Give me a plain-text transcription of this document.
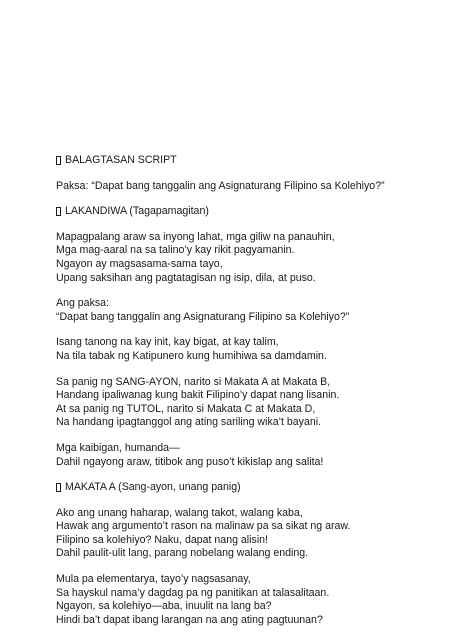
BALAGTASAN SCRIPT
Paksa: “Dapat bang tanggalin ang Asignaturang Filipino sa Kolehiyo?”
LAKANDIWA (Tagapamagitan)
Mapagpalang araw sa inyong lahat, mga giliw na panauhin,
Mga mag-aaral na sa talino’y kay rikit pagyamanin.
Ngayon ay magsasama-sama tayo,
Upang saksihan ang pagtatagisan ng isip, dila, at puso.
Ang paksa:
“Dapat bang tanggalin ang Asignaturang Filipino sa Kolehiyo?”
Isang tanong na kay init, kay bigat, at kay talim,
Na tila tabak ng Katipunero kung humihiwa sa damdamin.
Sa panig ng SANG-AYON, narito si Makata A at Makata B,
Handang ipaliwanag kung bakit Filipino’y dapat nang lisanin.
At sa panig ng TUTOL, narito si Makata C at Makata D,
Na handang ipagtanggol ang ating sariling wika’t bayani.
Mga kaibigan, humanda—
Dahil ngayong araw, titibok ang puso’t kikislap ang salita!
MAKATA A (Sang-ayon, unang panig)
Ako ang unang haharap, walang takot, walang kaba,
Hawak ang argumento’t rason na malinaw pa sa sikat ng araw.
Filipino sa kolehiyo? Naku, dapat nang alisin!
Dahil paulit-ulit lang, parang nobelang walang ending.
Mula pa elementarya, tayo’y nagsasanay,
Sa hayskul nama’y dagdag pa ng panitikan at talasalitaan.
Ngayon, sa kolehiyo—aba, inuulit na lang ba?
Hindi ba’t dapat ibang larangan na ang ating pagtuunan?
